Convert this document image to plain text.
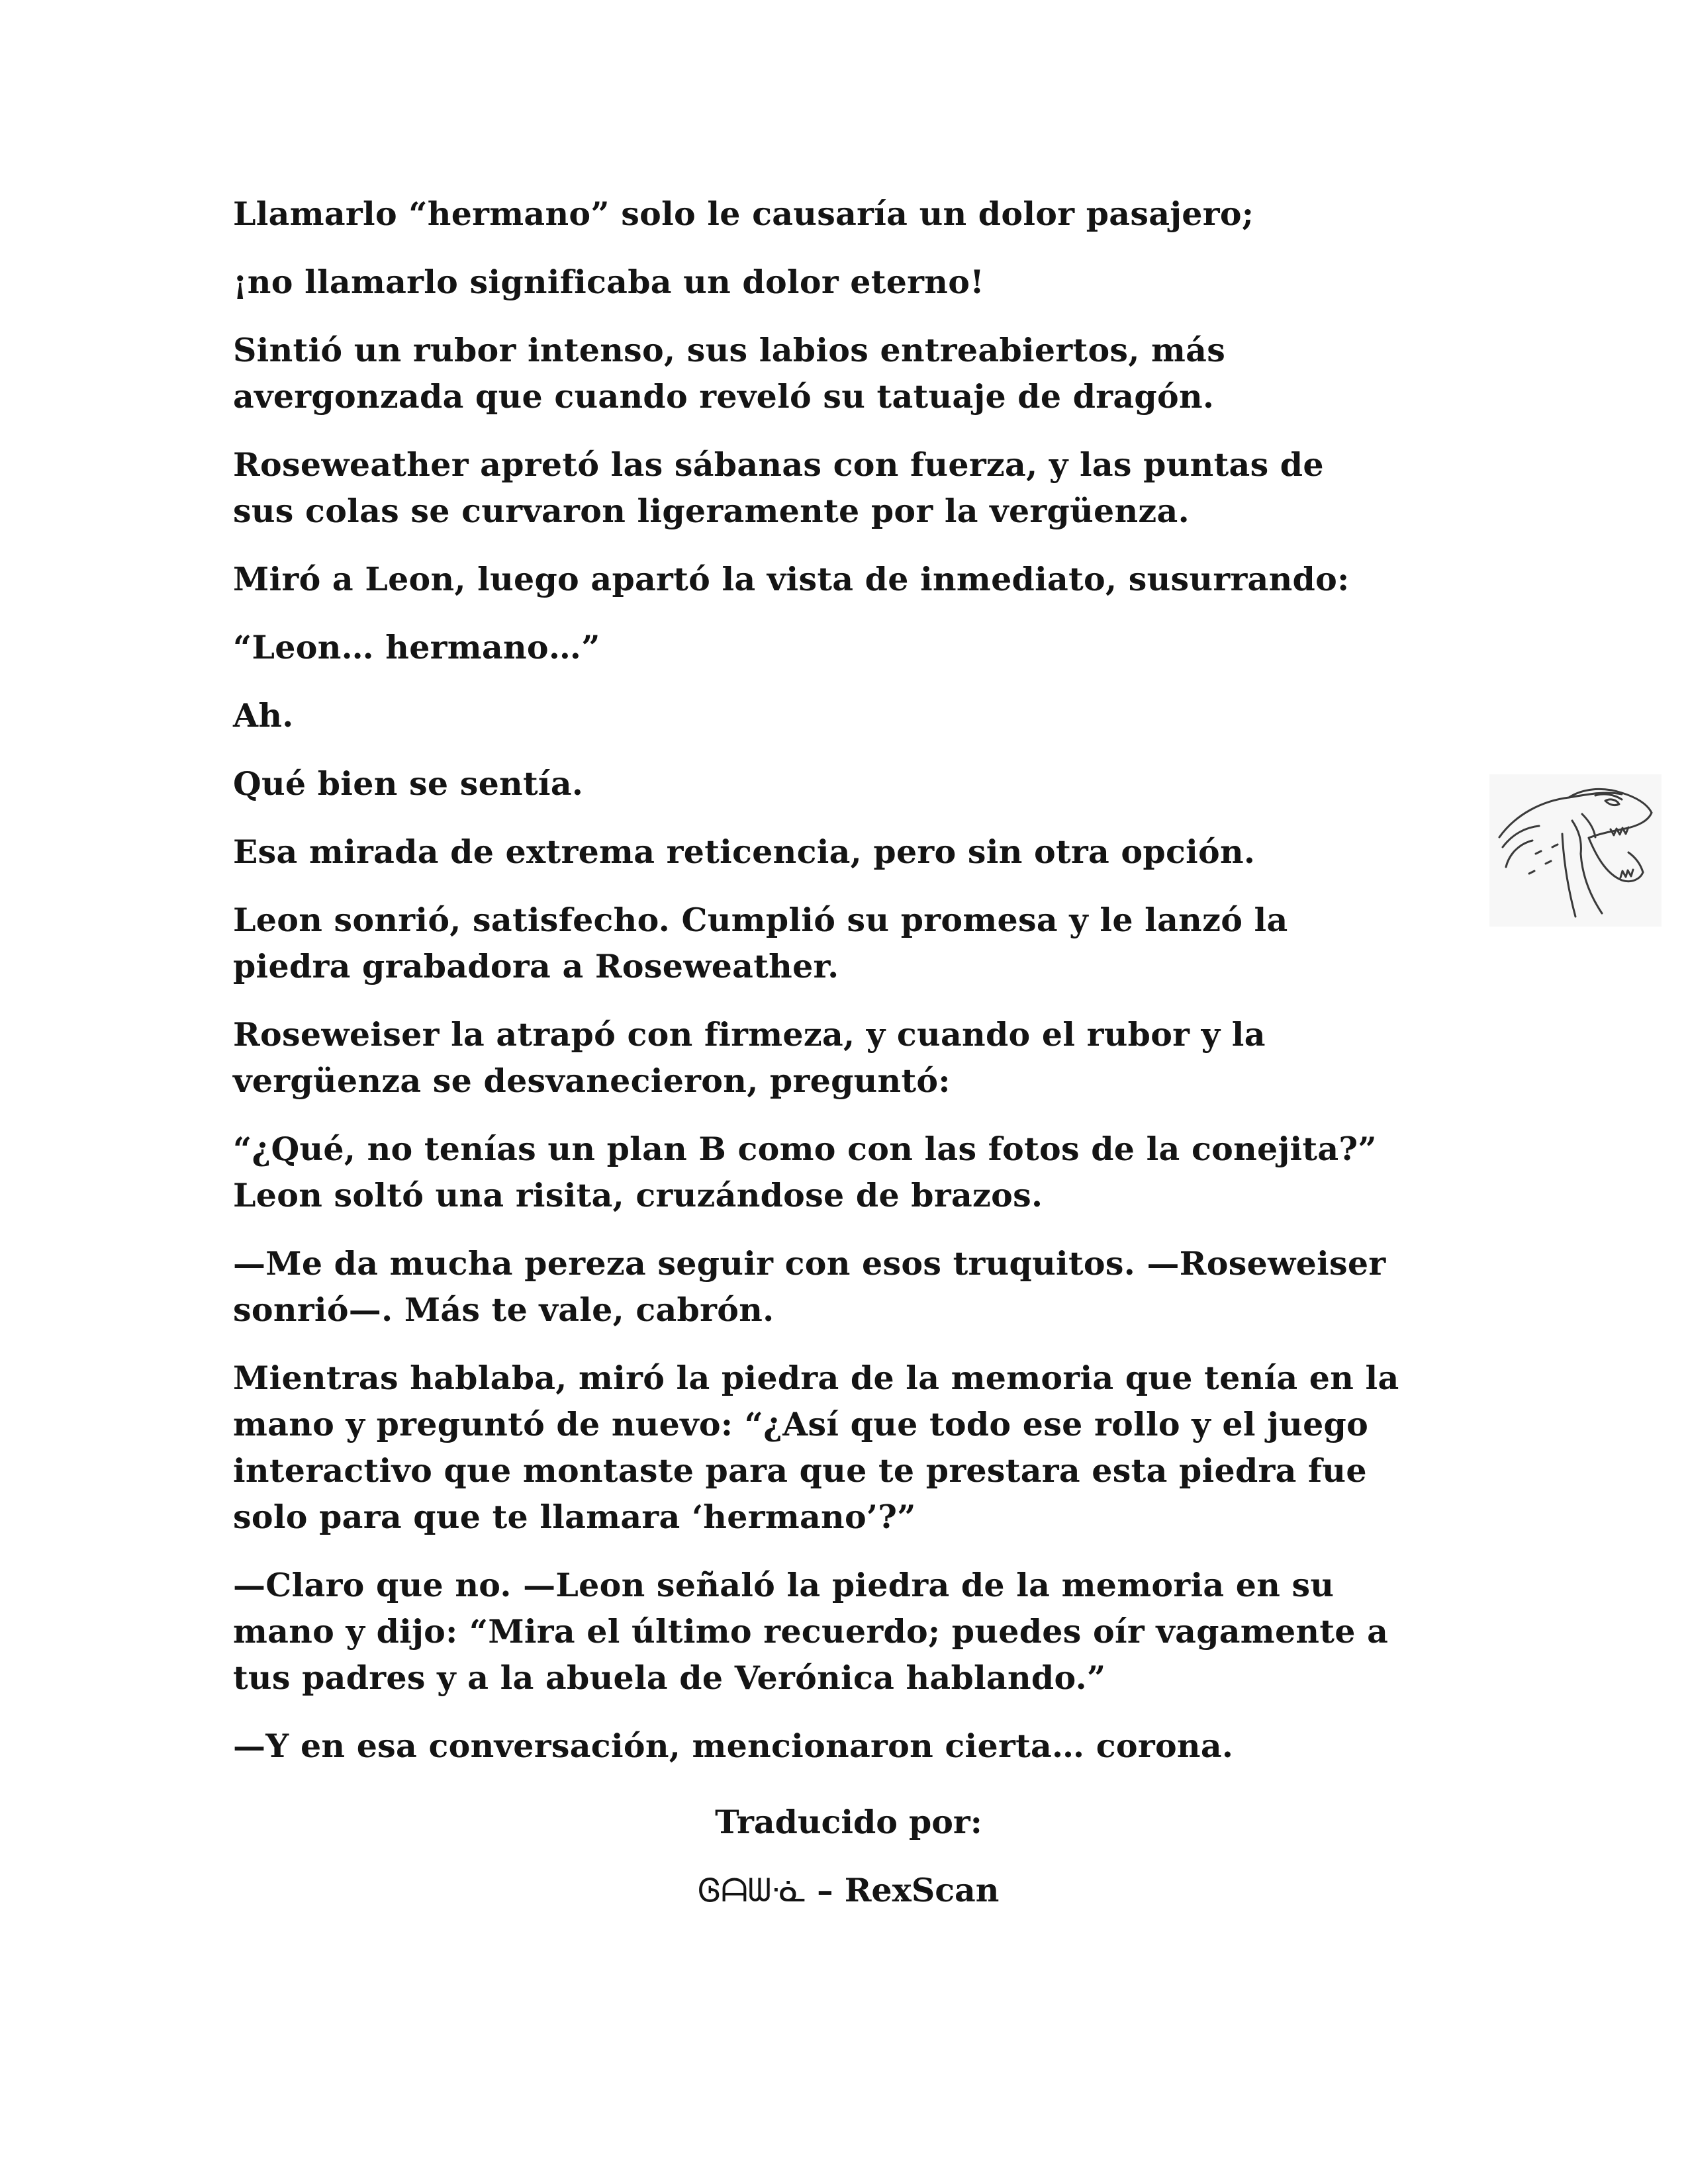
Llamarlo “hermano” solo le causaría un dolor pasajero;

¡no llamarlo significaba un dolor eterno!

Sintió un rubor intenso, sus labios entreabiertos, más
avergonzada que cuando reveló su tatuaje de dragón.

Roseweather apretó las sábanas con fuerza, y las puntas de
sus colas se curvaron ligeramente por la vergüenza.

Miró a Leon, luego apartó la vista de inmediato, susurrando:

“Leon… hermano…”

Ah.

Qué bien se sentía.

Esa mirada de extrema reticencia, pero sin otra opción.

Leon sonrió, satisfecho. Cumplió su promesa y le lanzó la
piedra grabadora a Roseweather.

Roseweiser la atrapó con firmeza, y cuando el rubor y la
vergüenza se desvanecieron, preguntó:

“¿Qué, no tenías un plan B como con las fotos de la conejita?”
Leon soltó una risita, cruzándose de brazos.

—Me da mucha pereza seguir con esos truquitos. —Roseweiser
sonrió—. Más te vale, cabrón.

Mientras hablaba, miró la piedra de la memoria que tenía en la
mano y preguntó de nuevo: “¿Así que todo ese rollo y el juego
interactivo que montaste para que te prestara esta piedra fue
solo para que te llamara ‘hermano’?”

—Claro que no. —Leon señaló la piedra de la memoria en su
mano y dijo: “Mira el último recuerdo; puedes oír vagamente a
tus padres y a la abuela de Verónica hablando.”

—Y en esa conversación, mencionaron cierta… corona.

Traducido por:
Ꮆᗩᗯᓍ – RexScan
